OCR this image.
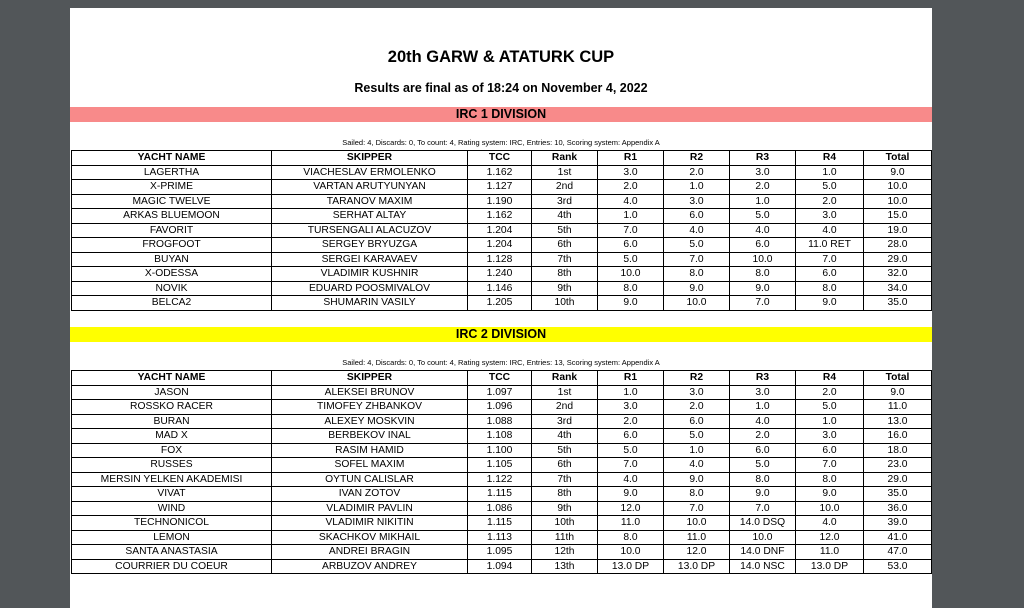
20th GARW & ATATURK CUP
Results are final as of 18:24 on November 4, 2022
IRC 1 DIVISION
Sailed: 4, Discards: 0, To count: 4, Rating system: IRC, Entries: 10, Scoring system: Appendix A
YACHT NAME	SKIPPER	TCC	Rank	R1	R2	R3	R4	Total
LAGERTHA	VIACHESLAV ERMOLENKO	1.162	1st	3.0	2.0	3.0	1.0	9.0
X-PRIME	VARTAN ARUTYUNYAN	1.127	2nd	2.0	1.0	2.0	5.0	10.0
MAGIC TWELVE	TARANOV MAXIM	1.190	3rd	4.0	3.0	1.0	2.0	10.0
ARKAS BLUEMOON	SERHAT ALTAY	1.162	4th	1.0	6.0	5.0	3.0	15.0
FAVORIT	TURSENGALI ALACUZOV	1.204	5th	7.0	4.0	4.0	4.0	19.0
FROGFOOT	SERGEY BRYUZGA	1.204	6th	6.0	5.0	6.0	11.0 RET	28.0
BUYAN	SERGEI KARAVAEV	1.128	7th	5.0	7.0	10.0	7.0	29.0
X-ODESSA	VLADIMIR KUSHNIR	1.240	8th	10.0	8.0	8.0	6.0	32.0
NOVIK	EDUARD POOSMIVALOV	1.146	9th	8.0	9.0	9.0	8.0	34.0
BELCA2	SHUMARIN VASILY	1.205	10th	9.0	10.0	7.0	9.0	35.0
IRC 2 DIVISION
Sailed: 4, Discards: 0, To count: 4, Rating system: IRC, Entries: 13, Scoring system: Appendix A
YACHT NAME	SKIPPER	TCC	Rank	R1	R2	R3	R4	Total
JASON	ALEKSEI BRUNOV	1.097	1st	1.0	3.0	3.0	2.0	9.0
ROSSKO RACER	TIMOFEY ZHBANKOV	1.096	2nd	3.0	2.0	1.0	5.0	11.0
BURAN	ALEXEY MOSKVIN	1.088	3rd	2.0	6.0	4.0	1.0	13.0
MAD X	BERBEKOV INAL	1.108	4th	6.0	5.0	2.0	3.0	16.0
FOX	RASIM HAMID	1.100	5th	5.0	1.0	6.0	6.0	18.0
RUSSES	SOFEL MAXIM	1.105	6th	7.0	4.0	5.0	7.0	23.0
MERSIN YELKEN AKADEMISI	OYTUN CALISLAR	1.122	7th	4.0	9.0	8.0	8.0	29.0
VIVAT	IVAN ZOTOV	1.115	8th	9.0	8.0	9.0	9.0	35.0
WIND	VLADIMIR PAVLIN	1.086	9th	12.0	7.0	7.0	10.0	36.0
TECHNONICOL	VLADIMIR NIKITIN	1.115	10th	11.0	10.0	14.0 DSQ	4.0	39.0
LEMON	SKACHKOV MIKHAIL	1.113	11th	8.0	11.0	10.0	12.0	41.0
SANTA ANASTASIA	ANDREI BRAGIN	1.095	12th	10.0	12.0	14.0 DNF	11.0	47.0
COURRIER DU COEUR	ARBUZOV ANDREY	1.094	13th	13.0 DP	13.0 DP	14.0 NSC	13.0 DP	53.0
